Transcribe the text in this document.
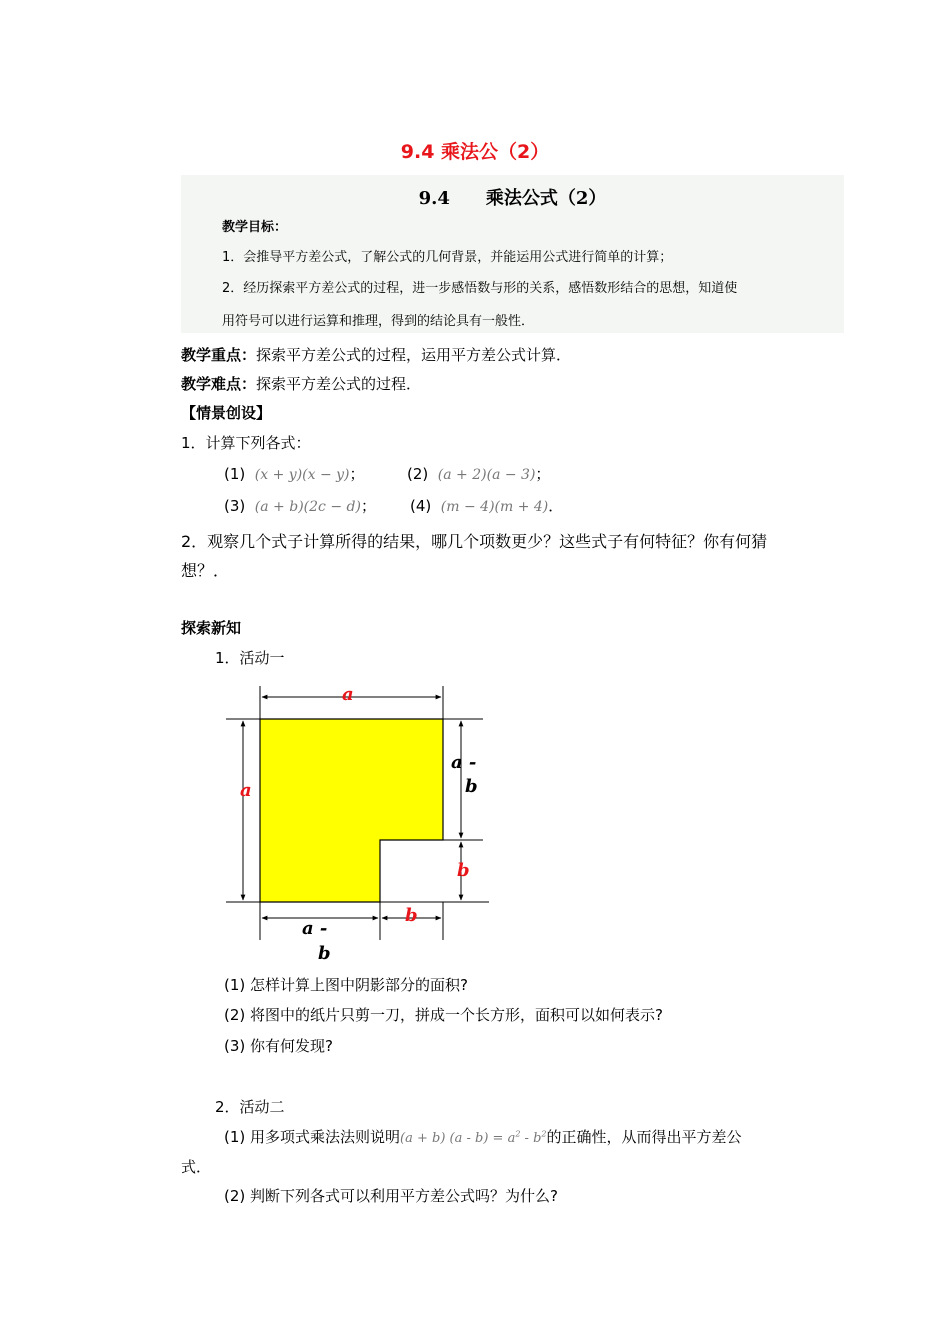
9.4 乘法公（2）
9.4 乘法公式（2）
教学目标：
1．会推导平方差公式，了解公式的几何背景，并能运用公式进行简单的计算；
2．经历探索平方差公式的过程，进一步感悟数与形的关系，感悟数形结合的思想，知道使
用符号可以进行运算和推理，得到的结论具有一般性．
教学重点：探索平方差公式的过程，运用平方差公式计算．
教学难点：探索平方差公式的过程．
【情景创设】
1．计算下列各式：
(1) (x + y)(x − y)；	(2) (a + 2)(a − 3)；
(3) (a + b)(2c − d)； (4) (m − 4)(m + 4)．
2．观察几个式子计算所得的结果，哪几个项数更少？这些式子有何特征？你有何猜
想？．
探索新知
1．活动一
a
a
a -
b
b
a -
b
b
(1) 怎样计算上图中阴影部分的面积?
(2) 将图中的纸片只剪一刀，拼成一个长方形，面积可以如何表示?
(3) 你有何发现?
2．活动二
(1) 用多项式乘法法则说明(a + b) $(a - b) = a^2 - b^2$的正确性，从而得出平方差公
式．
(2) 判断下列各式可以利用平方差公式吗？为什么?
